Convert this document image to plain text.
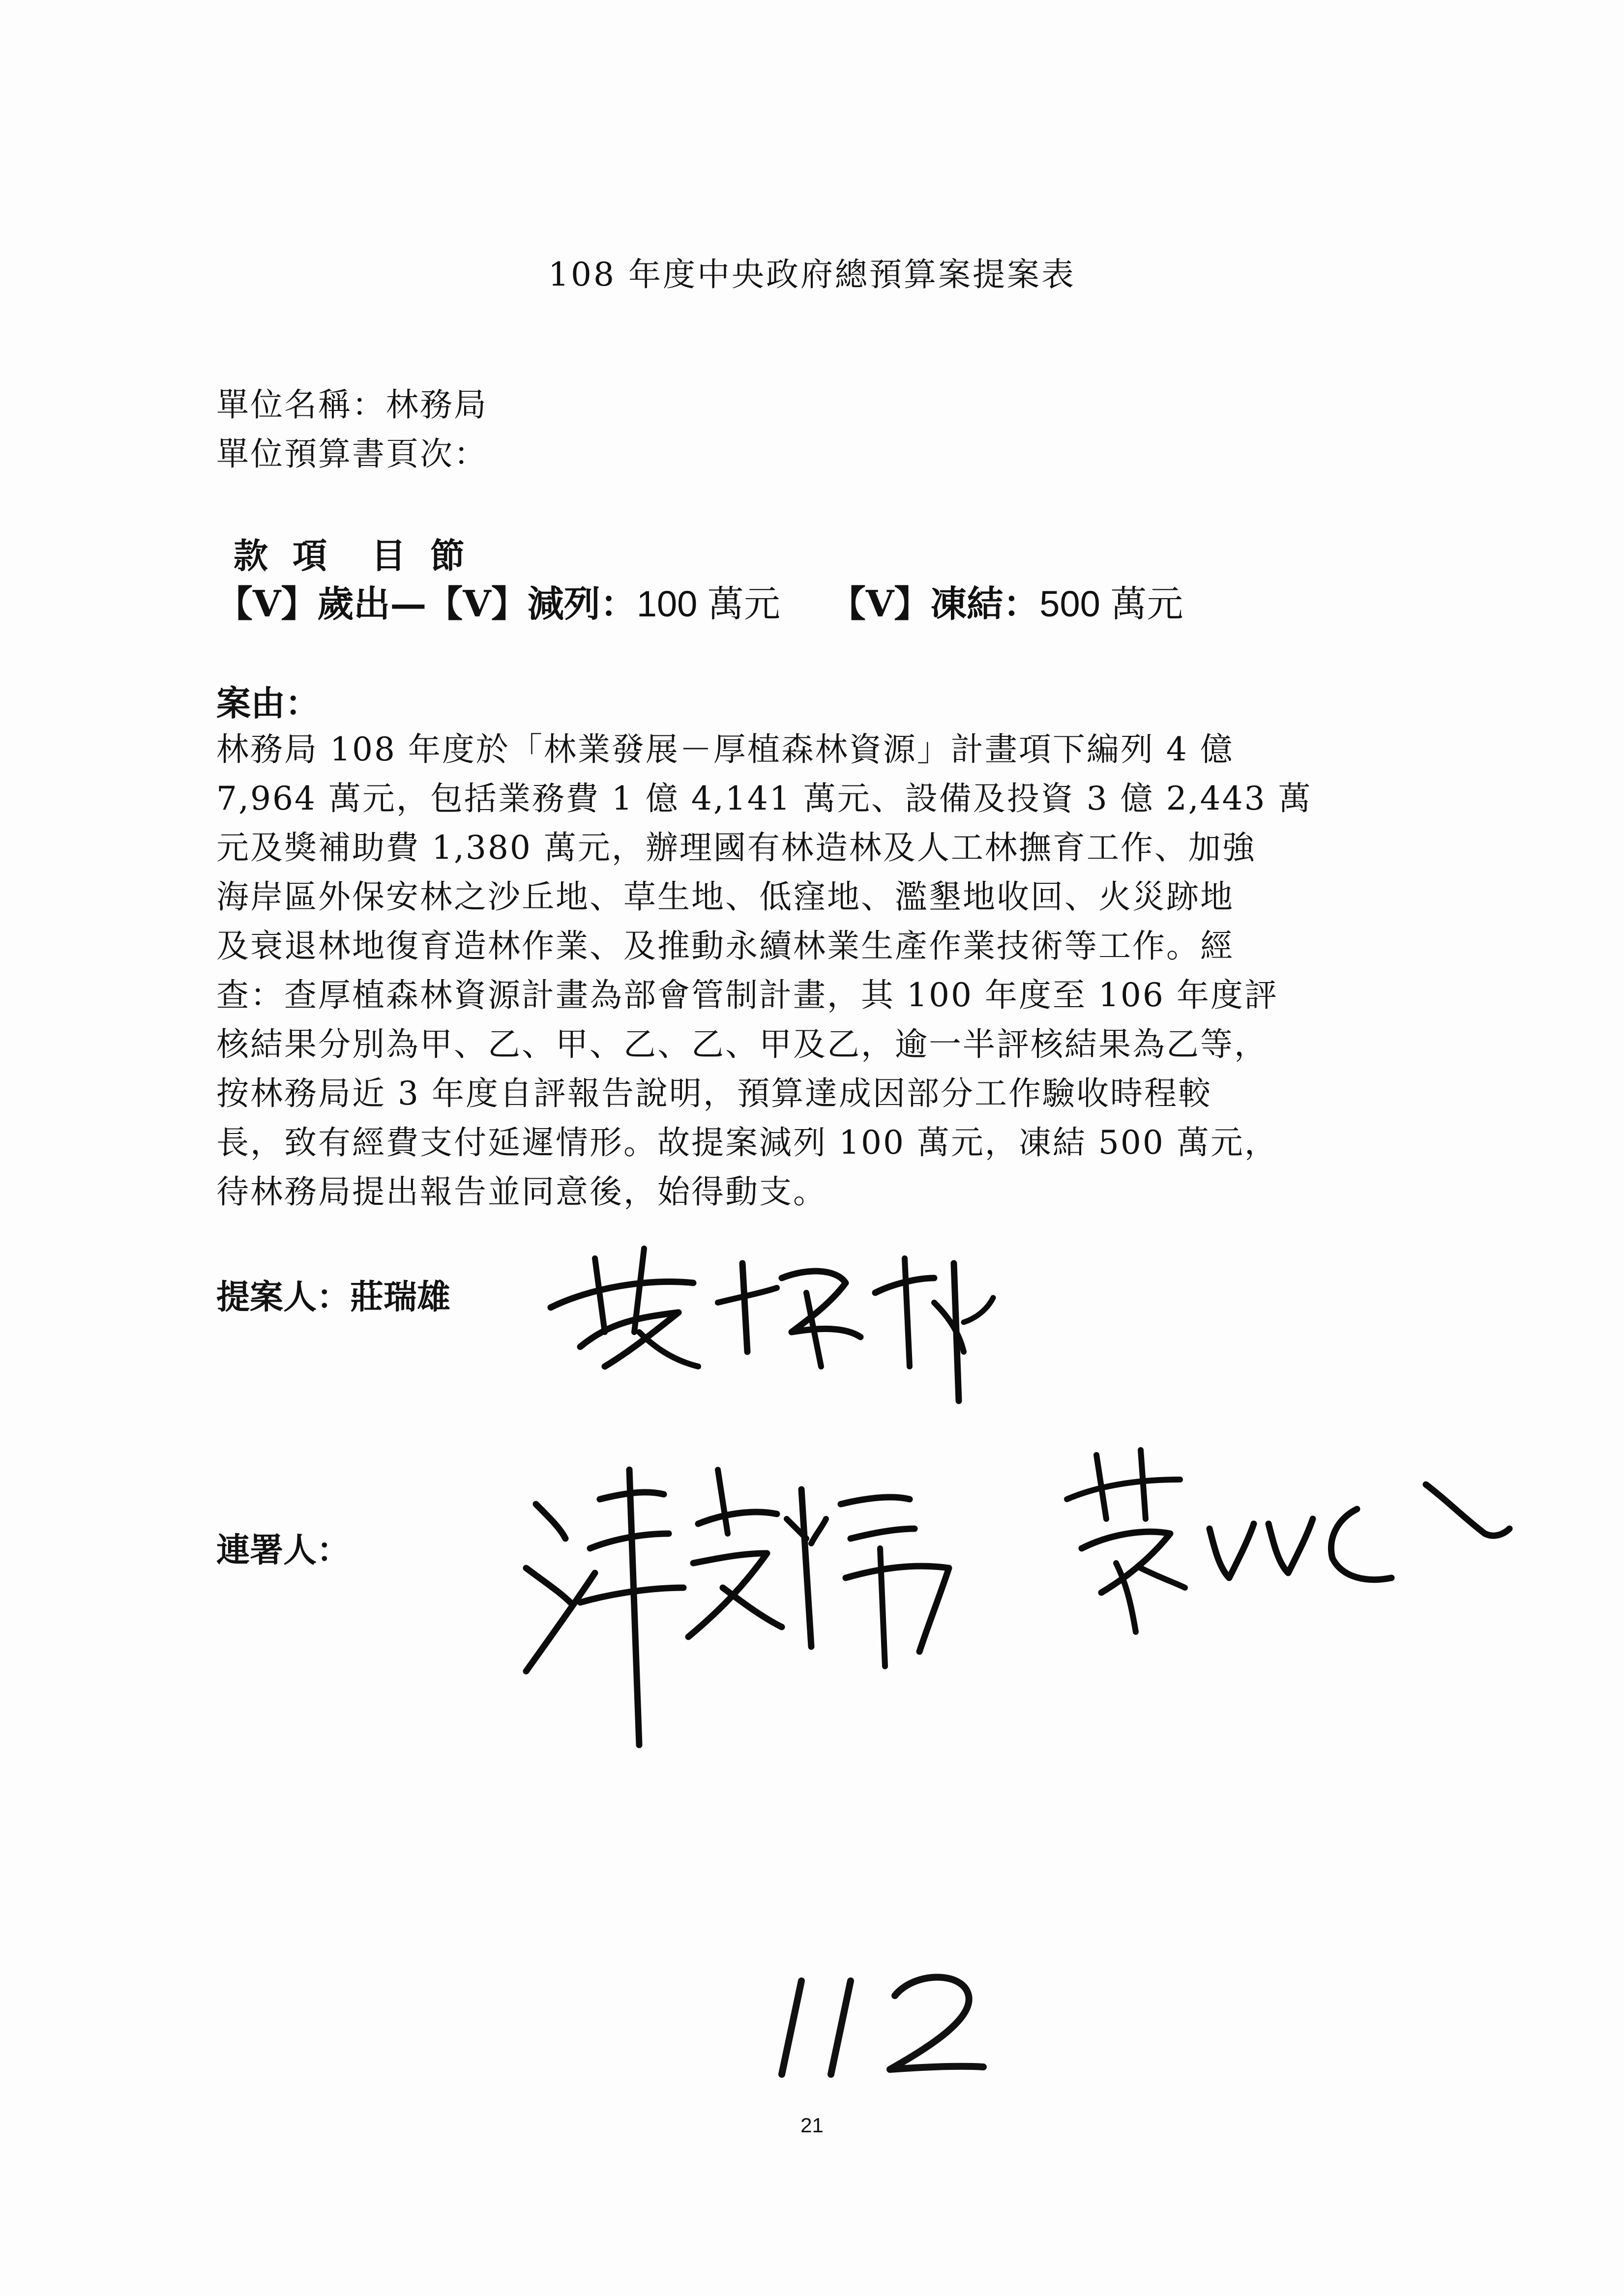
108 年度中央政府總預算案提案表
單位名稱：林務局
單位預算書頁次：
款 項 目 節
【V】歲出—【V】減列：100 萬元 【V】凍結：500 萬元
案由：
林務局 108 年度於「林業發展－厚植森林資源」計畫項下編列 4 億
7,964 萬元，包括業務費 1 億 4,141 萬元、設備及投資 3 億 2,443 萬
元及獎補助費 1,380 萬元，辦理國有林造林及人工林撫育工作、加強
海岸區外保安林之沙丘地、草生地、低窪地、濫墾地收回、火災跡地
及衰退林地復育造林作業、及推動永續林業生產作業技術等工作。經
查：查厚植森林資源計畫為部會管制計畫，其 100 年度至 106 年度評
核結果分別為甲、乙、甲、乙、乙、甲及乙，逾一半評核結果為乙等，
按林務局近 3 年度自評報告說明，預算達成因部分工作驗收時程較
長，致有經費支付延遲情形。故提案減列 100 萬元，凍結 500 萬元，
待林務局提出報告並同意後，始得動支。
提案人：莊瑞雄
連署人：
21
